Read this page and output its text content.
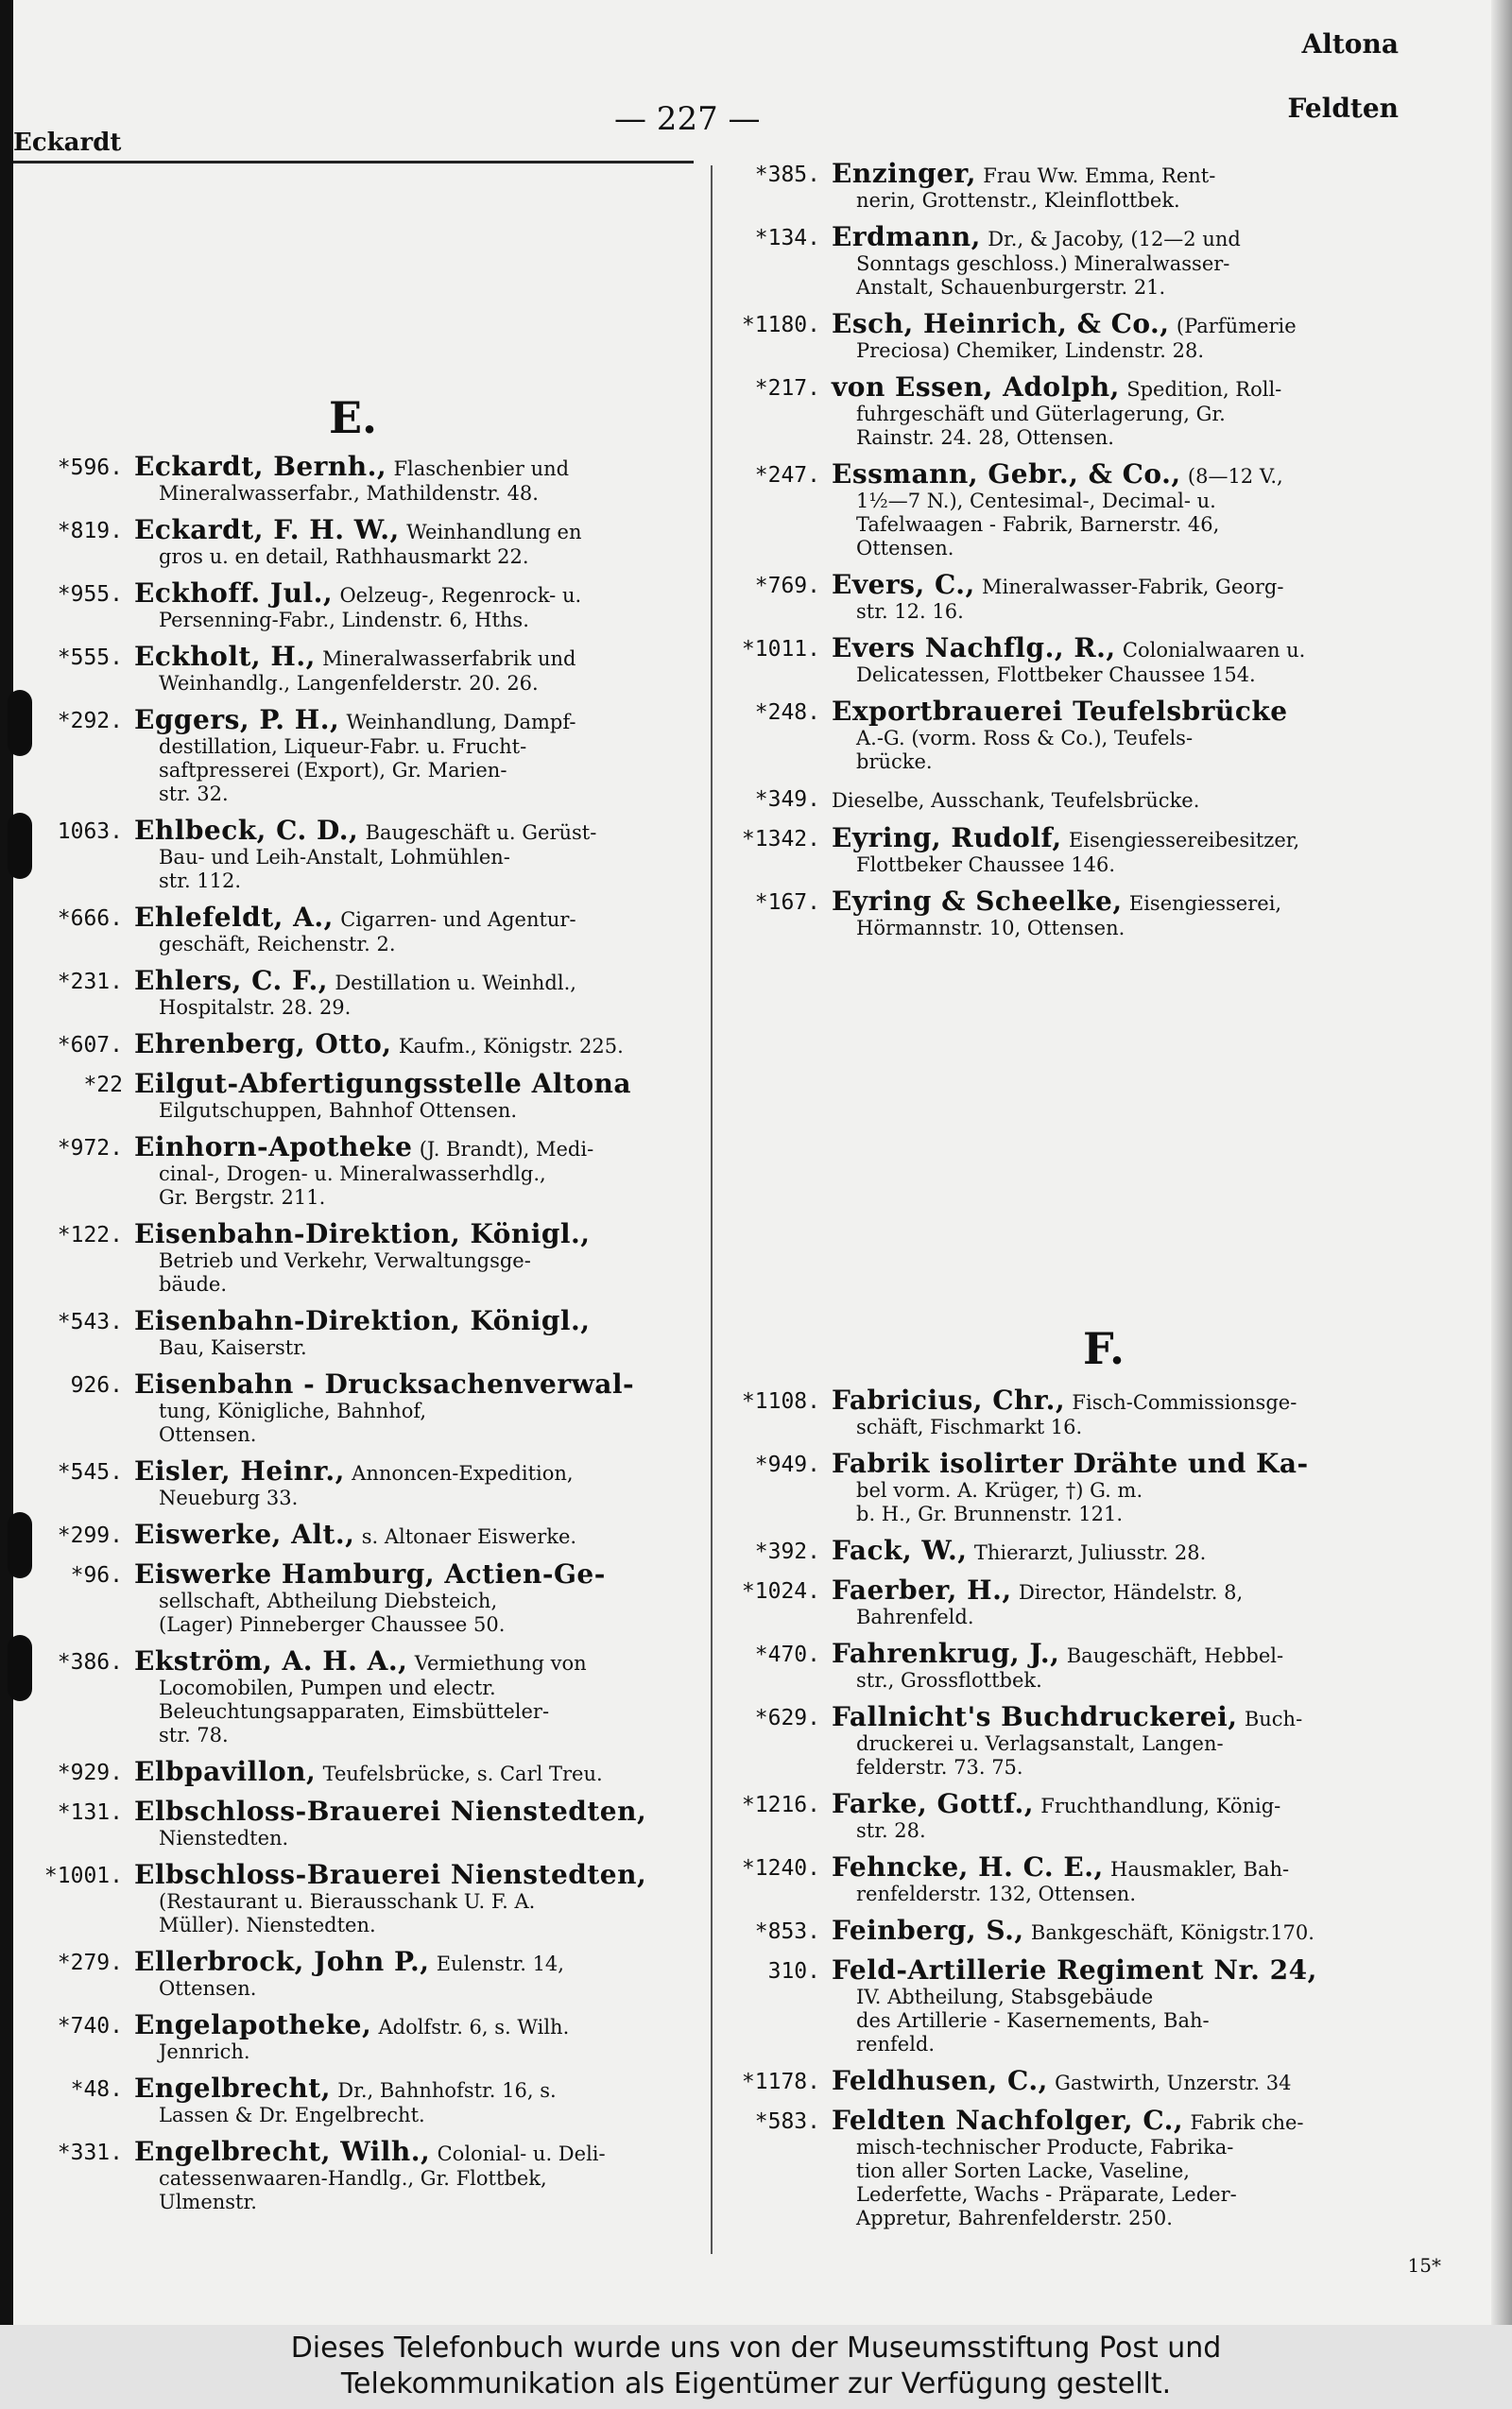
Eckardt
— 227 —
Altona
Feldten
E.
F.
*596. Eckardt, Bernh., Flaschenbier und
Mineralwasserfabr., Mathildenstr. 48.
*819. Eckardt, F. H. W., Weinhandlung en
gros u. en detail, Rathhausmarkt 22.
*955. Eckhoff. Jul., Oelzeug-, Regenrock- u.
Persenning-Fabr., Lindenstr. 6, Hths.
*555. Eckholt, H., Mineralwasserfabrik und
Weinhandlg., Langenfelderstr. 20. 26.
*292. Eggers, P. H., Weinhandlung, Dampf-
destillation, Liqueur-Fabr. u. Frucht-
saftpresserei (Export), Gr. Marien-
str. 32.
1063. Ehlbeck, C. D., Baugeschäft u. Gerüst-
Bau- und Leih-Anstalt, Lohmühlen-
str. 112.
*666. Ehlefeldt, A., Cigarren- und Agentur-
geschäft, Reichenstr. 2.
*231. Ehlers, C. F., Destillation u. Weinhdl.,
Hospitalstr. 28. 29.
*607. Ehrenberg, Otto, Kaufm., Königstr. 225.
*22 Eilgut-Abfertigungsstelle Altona
Eilgutschuppen, Bahnhof Ottensen.
*972. Einhorn-Apotheke (J. Brandt), Medi-
cinal-, Drogen- u. Mineralwasserhdlg.,
Gr. Bergstr. 211.
*122. Eisenbahn-Direktion, Königl.,
Betrieb und Verkehr, Verwaltungsge-
bäude.
*543. Eisenbahn-Direktion, Königl.,
Bau, Kaiserstr.
926. Eisenbahn - Drucksachenverwal-
tung, Königliche, Bahnhof,
Ottensen.
*545. Eisler, Heinr., Annoncen-Expedition,
Neueburg 33.
*299. Eiswerke, Alt., s. Altonaer Eiswerke.
*96. Eiswerke Hamburg, Actien-Ge-
sellschaft, Abtheilung Diebsteich,
(Lager) Pinneberger Chaussee 50.
*386. Ekström, A. H. A., Vermiethung von
Locomobilen, Pumpen und electr.
Beleuchtungsapparaten, Eimsbütteler-
str. 78.
*929. Elbpavillon, Teufelsbrücke, s. Carl Treu.
*131. Elbschloss-Brauerei Nienstedten,
Nienstedten.
*1001. Elbschloss-Brauerei Nienstedten,
(Restaurant u. Bierausschank U. F. A.
Müller). Nienstedten.
*279. Ellerbrock, John P., Eulenstr. 14,
Ottensen.
*740. Engelapotheke, Adolfstr. 6, s. Wilh.
Jennrich.
*48. Engelbrecht, Dr., Bahnhofstr. 16, s.
Lassen & Dr. Engelbrecht.
*331. Engelbrecht, Wilh., Colonial- u. Deli-
catessenwaaren-Handlg., Gr. Flottbek,
Ulmenstr.
*385. Enzinger, Frau Ww. Emma, Rent-
nerin, Grottenstr., Kleinflottbek.
*134. Erdmann, Dr., & Jacoby, (12—2 und
Sonntags geschloss.) Mineralwasser-
Anstalt, Schauenburgerstr. 21.
*1180. Esch, Heinrich, & Co., (Parfümerie
Preciosa) Chemiker, Lindenstr. 28.
*217. von Essen, Adolph, Spedition, Roll-
fuhrgeschäft und Güterlagerung, Gr.
Rainstr. 24. 28, Ottensen.
*247. Essmann, Gebr., & Co., (8—12 V.,
1½—7 N.), Centesimal-, Decimal- u.
Tafelwaagen - Fabrik, Barnerstr. 46,
Ottensen.
*769. Evers, C., Mineralwasser-Fabrik, Georg-
str. 12. 16.
*1011. Evers Nachflg., R., Colonialwaaren u.
Delicatessen, Flottbeker Chaussee 154.
*248. Exportbrauerei Teufelsbrücke
A.-G. (vorm. Ross & Co.), Teufels-
brücke.
*349. Dieselbe, Ausschank, Teufelsbrücke.
*1342. Eyring, Rudolf, Eisengiessereibesitzer,
Flottbeker Chaussee 146.
*167. Eyring & Scheelke, Eisengiesserei,
Hörmannstr. 10, Ottensen.
*1108. Fabricius, Chr., Fisch-Commissionsge-
schäft, Fischmarkt 16.
*949. Fabrik isolirter Drähte und Ka-
bel vorm. A. Krüger, †) G. m.
b. H., Gr. Brunnenstr. 121.
*392. Fack, W., Thierarzt, Juliusstr. 28.
*1024. Faerber, H., Director, Händelstr. 8,
Bahrenfeld.
*470. Fahrenkrug, J., Baugeschäft, Hebbel-
str., Grossflottbek.
*629. Fallnicht's Buchdruckerei, Buch-
druckerei u. Verlagsanstalt, Langen-
felderstr. 73. 75.
*1216. Farke, Gottf., Fruchthandlung, König-
str. 28.
*1240. Fehncke, H. C. E., Hausmakler, Bah-
renfelderstr. 132, Ottensen.
*853. Feinberg, S., Bankgeschäft, Königstr.170.
310. Feld-Artillerie Regiment Nr. 24,
IV. Abtheilung, Stabsgebäude
des Artillerie - Kasernements, Bah-
renfeld.
*1178. Feldhusen, C., Gastwirth, Unzerstr. 34
*583. Feldten Nachfolger, C., Fabrik che-
misch-technischer Producte, Fabrika-
tion aller Sorten Lacke, Vaseline,
Lederfette, Wachs - Präparate, Leder-
Appretur, Bahrenfelderstr. 250.
15*
Dieses Telefonbuch wurde uns von der Museumsstiftung Post und
Telekommunikation als Eigentümer zur Verfügung gestellt.
